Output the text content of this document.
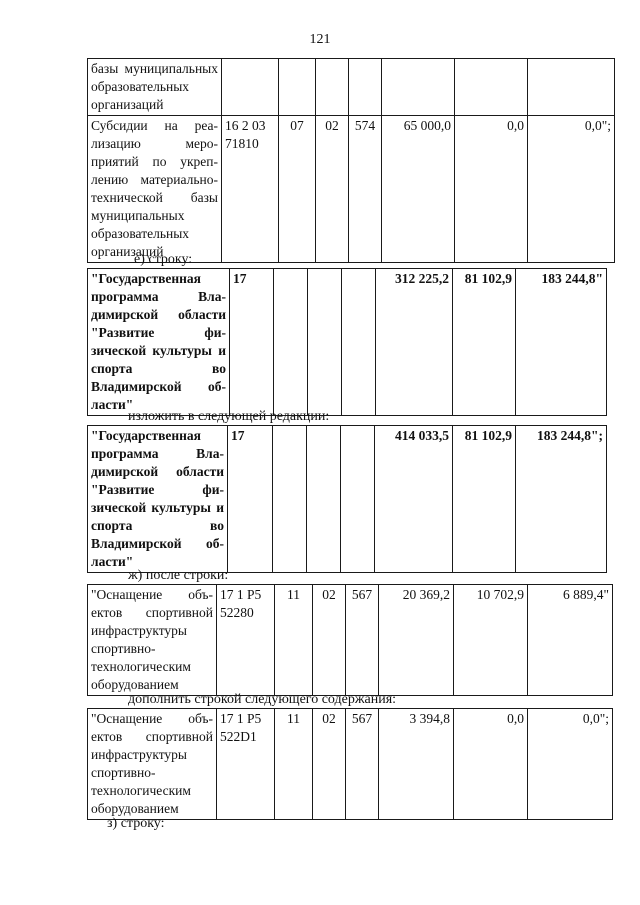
121
базы муниципальных образовательных организаций							
Субсидии на реализацию мероприятий по укреплению материально-технической базы муниципальных образовательных организаций	16 2 03 71810	07	02	574	65 000,0	0,0	0,0";
е) строку:
"Государственная программа Владимирской области "Развитие физической культуры и спорта во Владимирской области"	17				312 225,2	81 102,9	183 244,8"
изложить в следующей редакции:
"Государственная программа Владимирской области "Развитие физической культуры и спорта во Владимирской области"	17				414 033,5	81 102,9	183 244,8";
ж) после строки:
"Оснащение объектов спортивной инфраструктуры спортивно-технологическим оборудованием	17 1 P5 52280	11	02	567	20 369,2	10 702,9	6 889,4"
дополнить строкой следующего содержания:
"Оснащение объектов спортивной инфраструктуры спортивно-технологическим оборудованием	17 1 P5 522D1	11	02	567	3 394,8	0,0	0,0";
з) строку:
